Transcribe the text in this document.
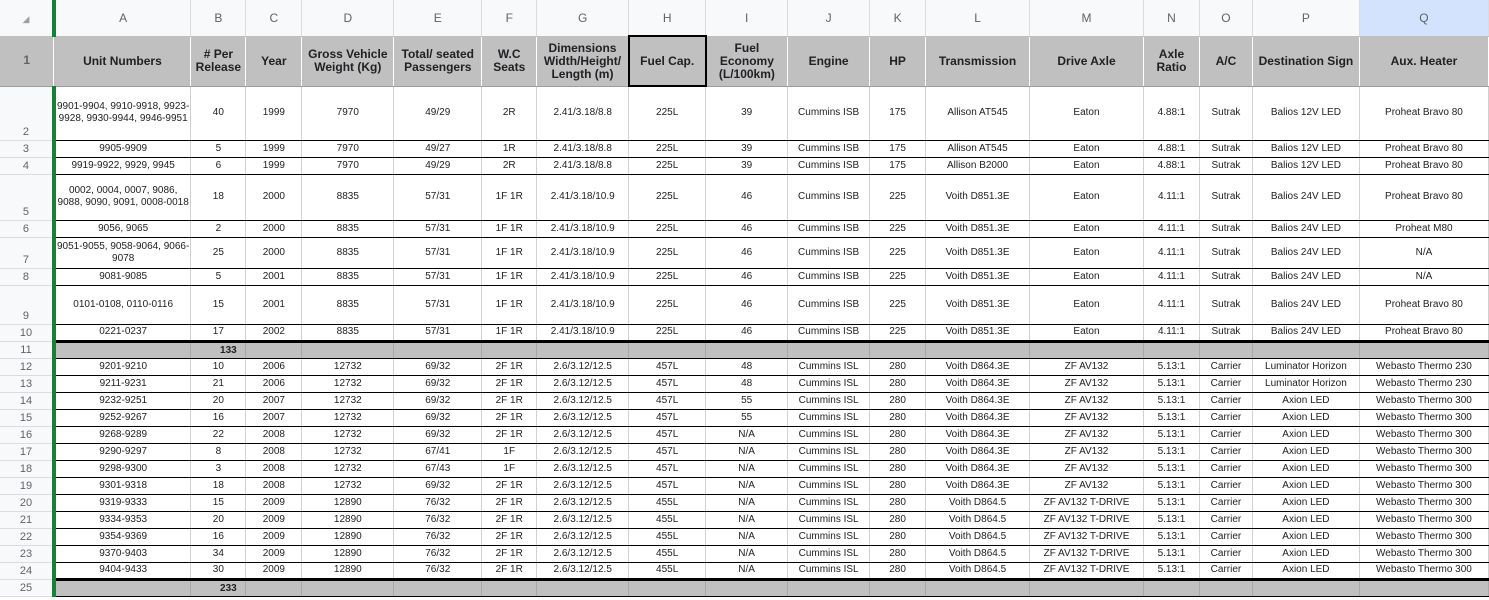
◢	A	B	C	D	E	F	G	H	I	J	K	L	M	N	O	P	Q
1	Unit Numbers	# Per Release	Year	Gross Vehicle Weight (Kg)	Total/ seated Passengers	W.C Seats	Dimensions Width/Height/ Length (m)	Fuel Cap.	Fuel Economy (L/100km)	Engine	HP	Transmission	Drive Axle	Axle Ratio	A/C	Destination Sign	Aux. Heater
2	9901-9904, 9910-9918, 9923-9928, 9930-9944, 9946-9951	40	1999	7970	49/29	2R	2.41/3.18/8.8	225L	39	Cummins ISB	175	Allison AT545	Eaton	4.88:1	Sutrak	Balios 12V LED	Proheat Bravo 80
3	9905-9909	5	1999	7970	49/27	1R	2.41/3.18/8.8	225L	39	Cummins ISB	175	Allison AT545	Eaton	4.88:1	Sutrak	Balios 12V LED	Proheat Bravo 80
4	9919-9922, 9929, 9945	6	1999	7970	49/29	2R	2.41/3.18/8.8	225L	39	Cummins ISB	175	Allison B2000	Eaton	4.88:1	Sutrak	Balios 12V LED	Proheat Bravo 80
5	0002, 0004, 0007, 9086, 9088, 9090, 9091, 0008-0018	18	2000	8835	57/31	1F 1R	2.41/3.18/10.9	225L	46	Cummins ISB	225	Voith D851.3E	Eaton	4.11:1	Sutrak	Balios 24V LED	Proheat Bravo 80
6	9056, 9065	2	2000	8835	57/31	1F 1R	2.41/3.18/10.9	225L	46	Cummins ISB	225	Voith D851.3E	Eaton	4.11:1	Sutrak	Balios 24V LED	Proheat M80
7	9051-9055, 9058-9064, 9066-9078	25	2000	8835	57/31	1F 1R	2.41/3.18/10.9	225L	46	Cummins ISB	225	Voith D851.3E	Eaton	4.11:1	Sutrak	Balios 24V LED	N/A
8	9081-9085	5	2001	8835	57/31	1F 1R	2.41/3.18/10.9	225L	46	Cummins ISB	225	Voith D851.3E	Eaton	4.11:1	Sutrak	Balios 24V LED	N/A
9	0101-0108, 0110-0116	15	2001	8835	57/31	1F 1R	2.41/3.18/10.9	225L	46	Cummins ISB	225	Voith D851.3E	Eaton	4.11:1	Sutrak	Balios 24V LED	Proheat Bravo 80
10	0221-0237	17	2002	8835	57/31	1F 1R	2.41/3.18/10.9	225L	46	Cummins ISB	225	Voith D851.3E	Eaton	4.11:1	Sutrak	Balios 24V LED	Proheat Bravo 80
11		133															
12	9201-9210	10	2006	12732	69/32	2F 1R	2.6/3.12/12.5	457L	48	Cummins ISL	280	Voith D864.3E	ZF AV132	5.13:1	Carrier	Luminator Horizon	Webasto Thermo 230
13	9211-9231	21	2006	12732	69/32	2F 1R	2.6/3.12/12.5	457L	48	Cummins ISL	280	Voith D864.3E	ZF AV132	5.13:1	Carrier	Luminator Horizon	Webasto Thermo 230
14	9232-9251	20	2007	12732	69/32	2F 1R	2.6/3.12/12.5	457L	55	Cummins ISL	280	Voith D864.3E	ZF AV132	5.13:1	Carrier	Axion LED	Webasto Thermo 300
15	9252-9267	16	2007	12732	69/32	2F 1R	2.6/3.12/12.5	457L	55	Cummins ISL	280	Voith D864.3E	ZF AV132	5.13:1	Carrier	Axion LED	Webasto Thermo 300
16	9268-9289	22	2008	12732	69/32	2F 1R	2.6/3.12/12.5	457L	N/A	Cummins ISL	280	Voith D864.3E	ZF AV132	5.13:1	Carrier	Axion LED	Webasto Thermo 300
17	9290-9297	8	2008	12732	67/41	1F	2.6/3.12/12.5	457L	N/A	Cummins ISL	280	Voith D864.3E	ZF AV132	5.13:1	Carrier	Axion LED	Webasto Thermo 300
18	9298-9300	3	2008	12732	67/43	1F	2.6/3.12/12.5	457L	N/A	Cummins ISL	280	Voith D864.3E	ZF AV132	5.13:1	Carrier	Axion LED	Webasto Thermo 300
19	9301-9318	18	2008	12732	69/32	2F 1R	2.6/3.12/12.5	457L	N/A	Cummins ISL	280	Voith D864.3E	ZF AV132	5.13:1	Carrier	Axion LED	Webasto Thermo 300
20	9319-9333	15	2009	12890	76/32	2F 1R	2.6/3.12/12.5	455L	N/A	Cummins ISL	280	Voith D864.5	ZF AV132 T-DRIVE	5.13:1	Carrier	Axion LED	Webasto Thermo 300
21	9334-9353	20	2009	12890	76/32	2F 1R	2.6/3.12/12.5	455L	N/A	Cummins ISL	280	Voith D864.5	ZF AV132 T-DRIVE	5.13:1	Carrier	Axion LED	Webasto Thermo 300
22	9354-9369	16	2009	12890	76/32	2F 1R	2.6/3.12/12.5	455L	N/A	Cummins ISL	280	Voith D864.5	ZF AV132 T-DRIVE	5.13:1	Carrier	Axion LED	Webasto Thermo 300
23	9370-9403	34	2009	12890	76/32	2F 1R	2.6/3.12/12.5	455L	N/A	Cummins ISL	280	Voith D864.5	ZF AV132 T-DRIVE	5.13:1	Carrier	Axion LED	Webasto Thermo 300
24	9404-9433	30	2009	12890	76/32	2F 1R	2.6/3.12/12.5	455L	N/A	Cummins ISL	280	Voith D864.5	ZF AV132 T-DRIVE	5.13:1	Carrier	Axion LED	Webasto Thermo 300
25		233															
